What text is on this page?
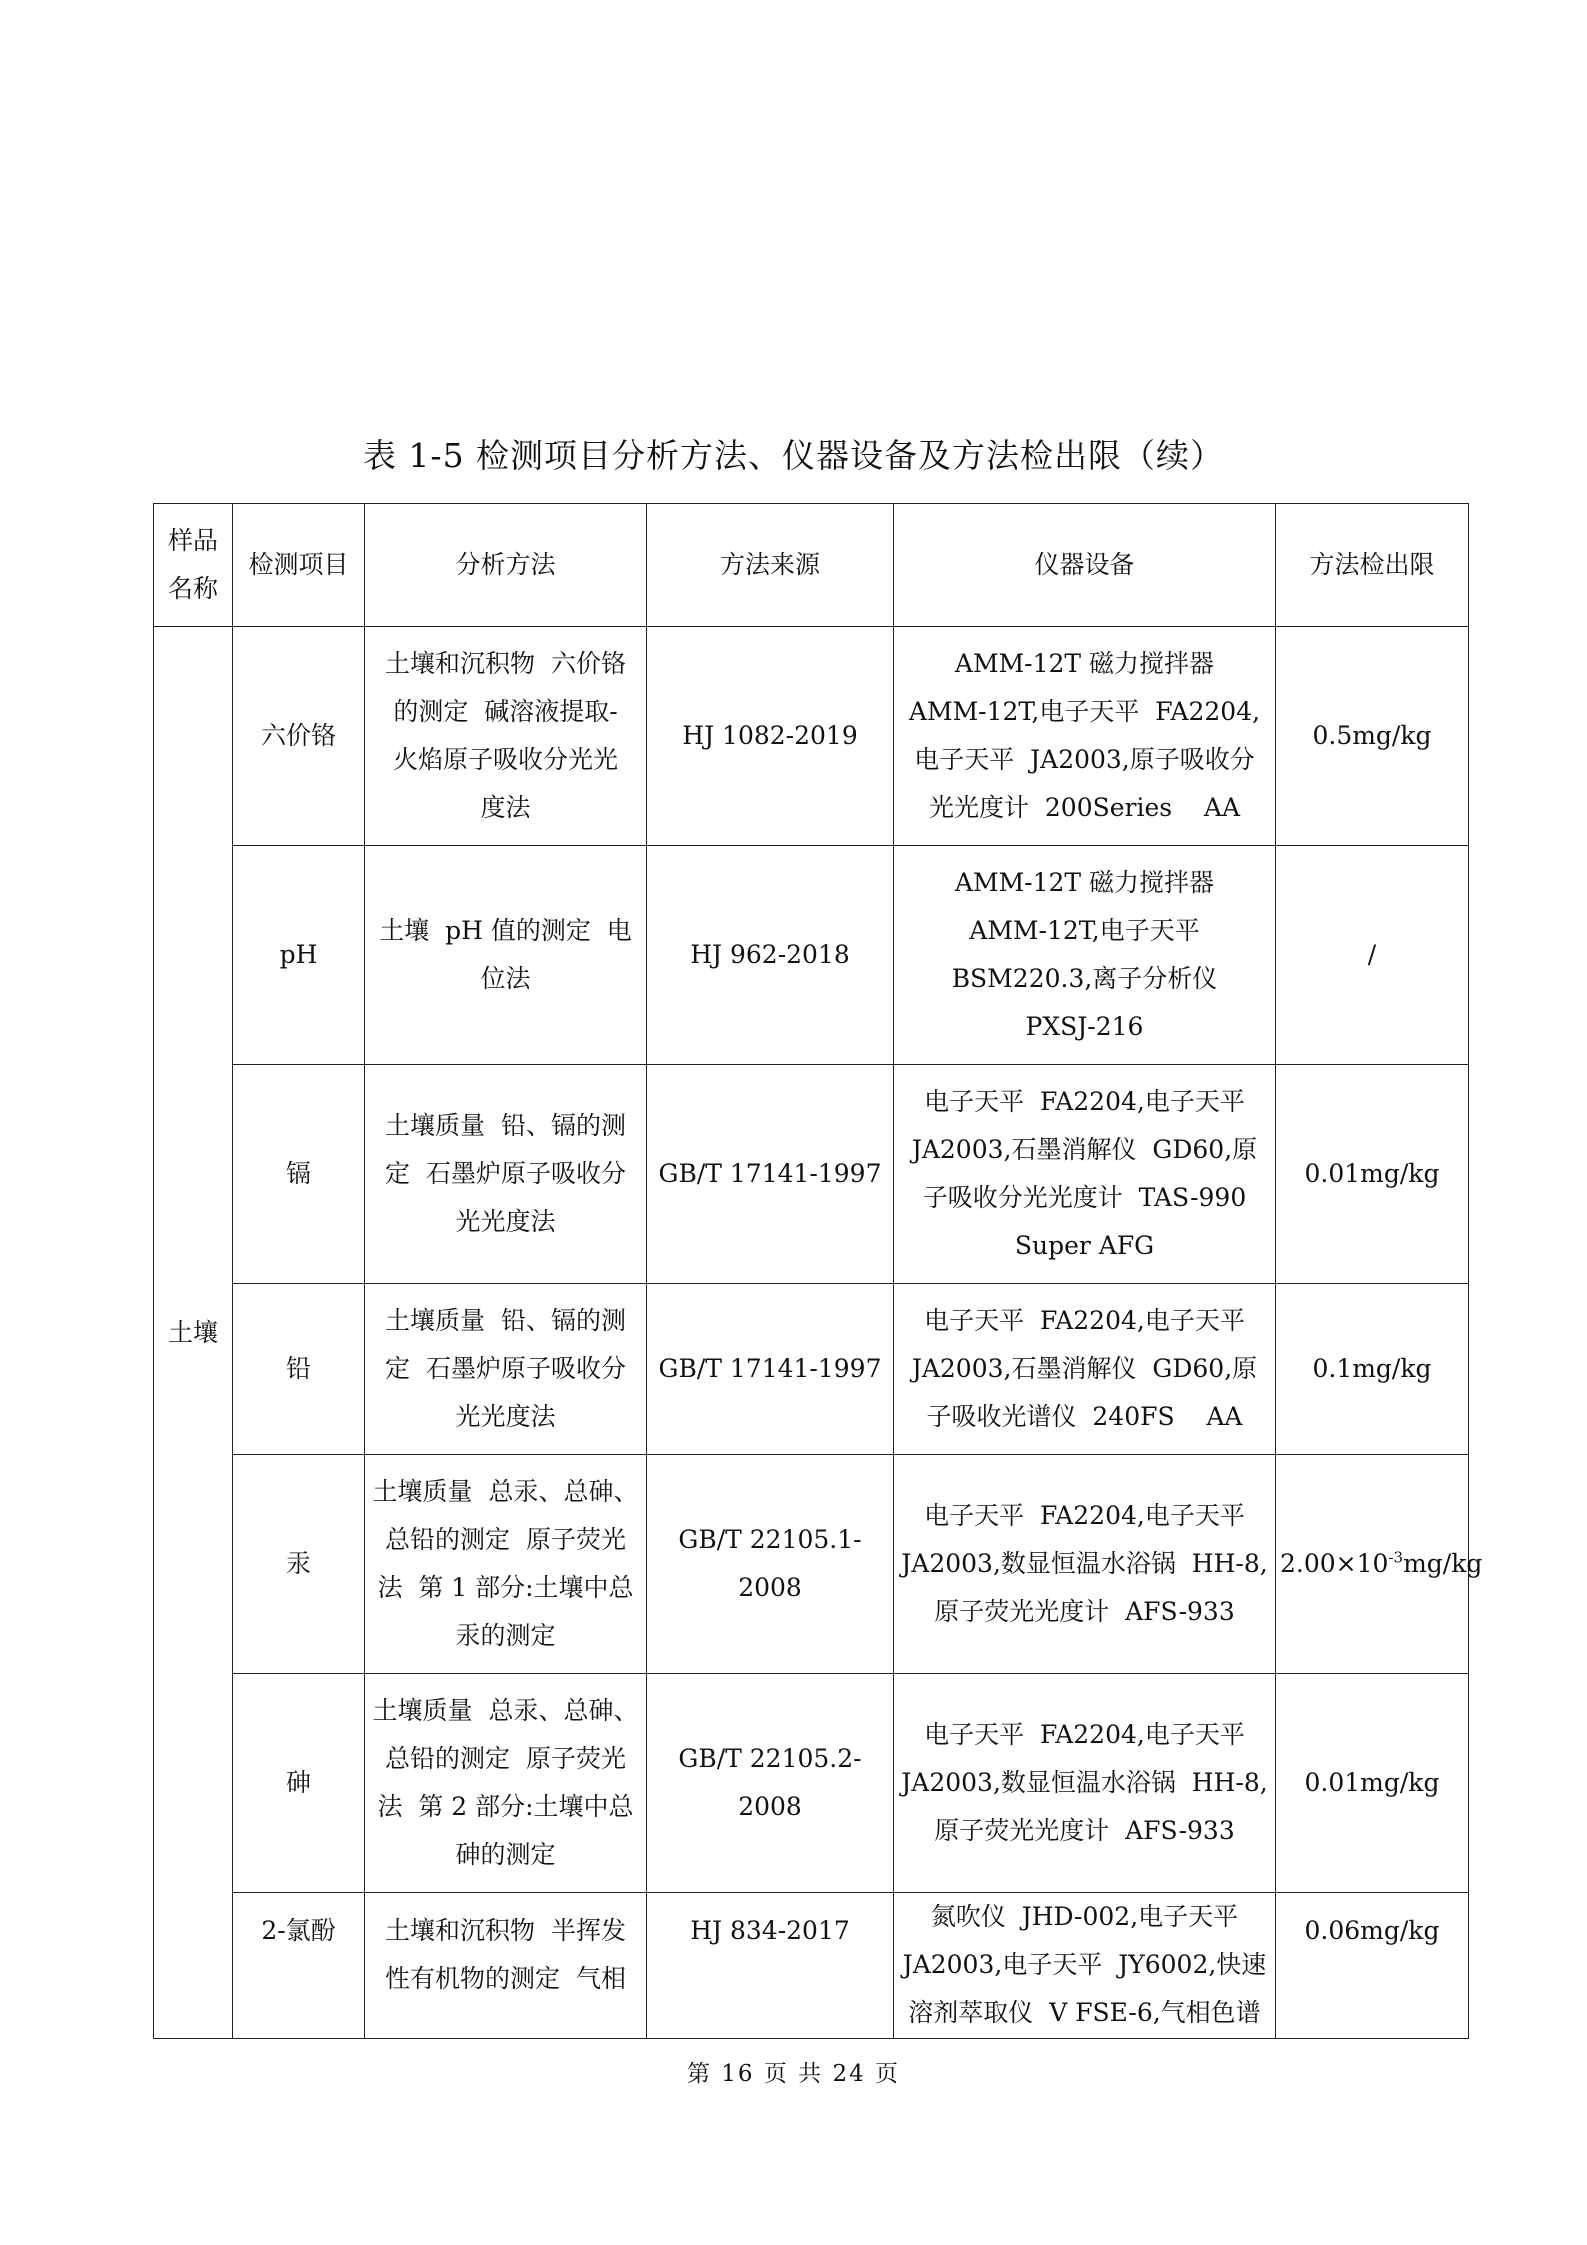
表 1-5 检测项目分析方法、仪器设备及方法检出限（续）
样品
名称	检测项目	分析方法	方法来源	仪器设备	方法检出限
土壤	六价铬	土壤和沉积物  六价铬
的测定  碱溶液提取-
火焰原子吸收分光光
度法	HJ 1082-2019	AMM-12T 磁力搅拌器
AMM-12T,电子天平  FA2204,
电子天平  JA2003,原子吸收分
光光度计  200Series    AA	0.5mg/kg
	pH	土壤  pH 值的测定  电
位法	HJ 962-2018	AMM-12T 磁力搅拌器
AMM-12T,电子天平
BSM220.3,离子分析仪
PXSJ-216	/
	镉	土壤质量  铅、镉的测
定  石墨炉原子吸收分
光光度法	GB/T 17141-1997	电子天平  FA2204,电子天平
JA2003,石墨消解仪  GD60,原
子吸收分光光度计  TAS-990
Super AFG	0.01mg/kg
	铅	土壤质量  铅、镉的测
定  石墨炉原子吸收分
光光度法	GB/T 17141-1997	电子天平  FA2204,电子天平
JA2003,石墨消解仪  GD60,原
子吸收光谱仪  240FS    AA	0.1mg/kg
	汞	土壤质量  总汞、总砷、
总铅的测定  原子荧光
法  第 1 部分:土壤中总
汞的测定	GB/T 22105.1-2008	电子天平  FA2204,电子天平
JA2003,数显恒温水浴锅  HH-8,
原子荧光光度计  AFS-933	$2.00\times 10^{-3}mg/kg$
	砷	土壤质量  总汞、总砷、
总铅的测定  原子荧光
法  第 2 部分:土壤中总
砷的测定	GB/T 22105.2-2008	电子天平  FA2204,电子天平
JA2003,数显恒温水浴锅  HH-8,
原子荧光光度计  AFS-933	0.01mg/kg
	2-氯酚	土壤和沉积物  半挥发
性有机物的测定  气相	HJ 834-2017	氮吹仪  JHD-002,电子天平
JA2003,电子天平  JY6002,快速
溶剂萃取仪  V FSE-6,气相色谱	0.06mg/kg
第 16 页 共 24 页
